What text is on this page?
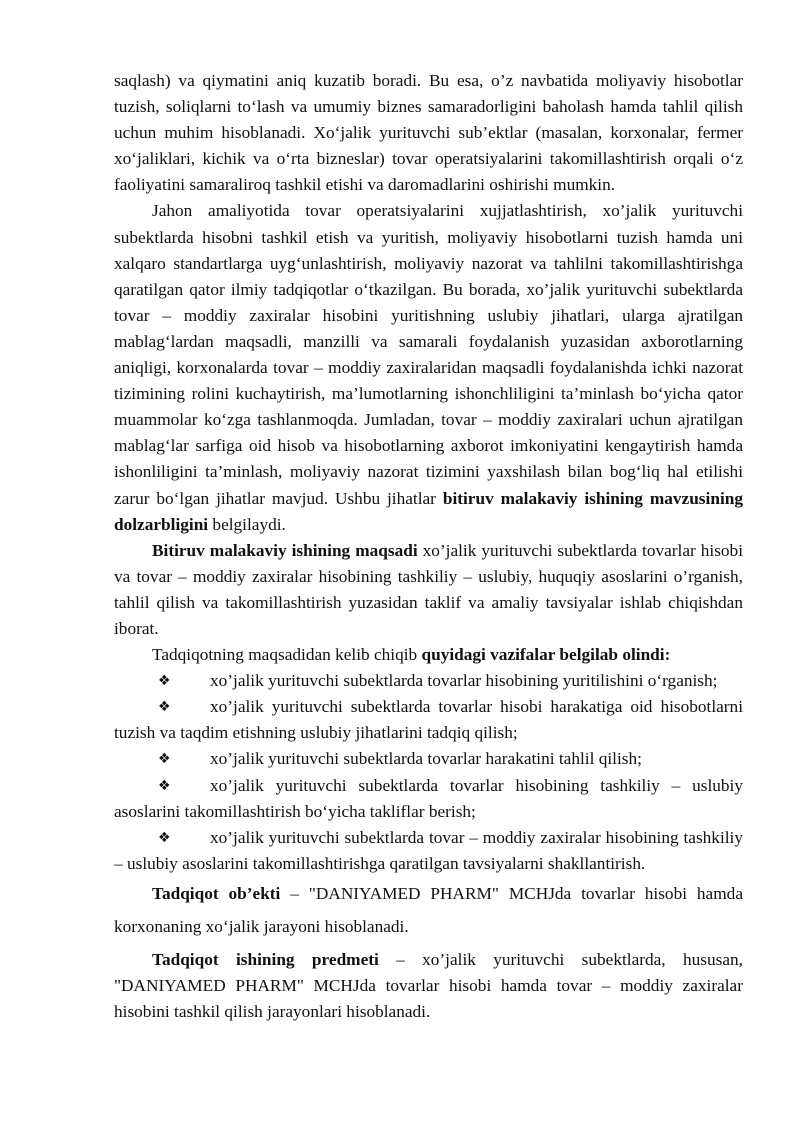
saqlash) va qiymatini aniq kuzatib boradi. Bu esa, o’z navbatida moliyaviy hisobotlar tuzish, soliqlarni to‘lash va umumiy biznes samaradorligini baholash hamda tahlil qilish uchun muhim hisoblanadi. Xo‘jalik yurituvchi sub’ektlar (masalan, korxonalar, fermer xo‘jaliklari, kichik va o‘rta bizneslar) tovar operatsiyalarini takomillashtirish orqali o‘z faoliyatini samaraliroq tashkil etishi va daromadlarini oshirishi mumkin.

Jahon amaliyotida tovar operatsiyalarini xujjatlashtirish, xo’jalik yurituvchi subektlarda hisobni tashkil etish va yuritish, moliyaviy hisobotlarni tuzish hamda uni xalqaro standartlarga uyg‘unlashtirish, moliyaviy nazorat va tahlilni takomillashtirishga qaratilgan qator ilmiy tadqiqotlar o‘tkazilgan. Bu borada, xo’jalik yurituvchi subektlarda tovar – moddiy zaxiralar hisobini yuritishning uslubiy jihatlari, ularga ajratilgan mablag‘lardan maqsadli, manzilli va samarali foydalanish yuzasidan axborotlarning aniqligi, korxonalarda tovar – moddiy zaxiralaridan maqsadli foydalanishda ichki nazorat tizimining rolini kuchaytirish, ma’lumotlarning ishonchliligini ta’minlash bo‘yicha qator muammolar ko‘zga tashlanmoqda. Jumladan, tovar – moddiy zaxiralari uchun ajratilgan mablag‘lar sarfiga oid hisob va hisobotlarning axborot imkoniyatini kengaytirish hamda ishonliligini ta’minlash, moliyaviy nazorat tizimini yaxshilash bilan bog‘liq hal etilishi zarur bo‘lgan jihatlar mavjud. Ushbu jihatlar bitiruv malakaviy ishining mavzusining dolzarbligini belgilaydi.

Bitiruv malakaviy ishining maqsadi xo’jalik yurituvchi subektlarda tovarlar hisobi va tovar – moddiy zaxiralar hisobining tashkiliy – uslubiy, huquqiy asoslarini o’rganish, tahlil qilish va takomillashtirish yuzasidan taklif va amaliy tavsiyalar ishlab chiqishdan iborat.

Tadqiqotning maqsadidan kelib chiqib quyidagi vazifalar belgilab olindi:

❖ xo’jalik yurituvchi subektlarda tovarlar hisobining yuritilishini o‘rganish;

❖ xo’jalik yurituvchi subektlarda tovarlar hisobi harakatiga oid hisobotlarni tuzish va taqdim etishning uslubiy jihatlarini tadqiq qilish;

❖ xo’jalik yurituvchi subektlarda tovarlar harakatini tahlil qilish;

❖ xo’jalik yurituvchi subektlarda tovarlar hisobining tashkiliy – uslubiy asoslarini takomillashtirish bo‘yicha takliflar berish;

❖ xo’jalik yurituvchi subektlarda tovar – moddiy zaxiralar hisobining tashkiliy – uslubiy asoslarini takomillashtirishga qaratilgan tavsiyalarni shakllantirish.

Tadqiqot ob’ekti – "DANIYAMED PHARM" MCHJda tovarlar hisobi hamda korxonaning xo‘jalik jarayoni hisoblanadi.

Tadqiqot ishining predmeti – xo’jalik yurituvchi subektlarda, hususan, "DANIYAMED PHARM" MCHJda tovarlar hisobi hamda tovar – moddiy zaxiralar hisobini tashkil qilish jarayonlari hisoblanadi.
